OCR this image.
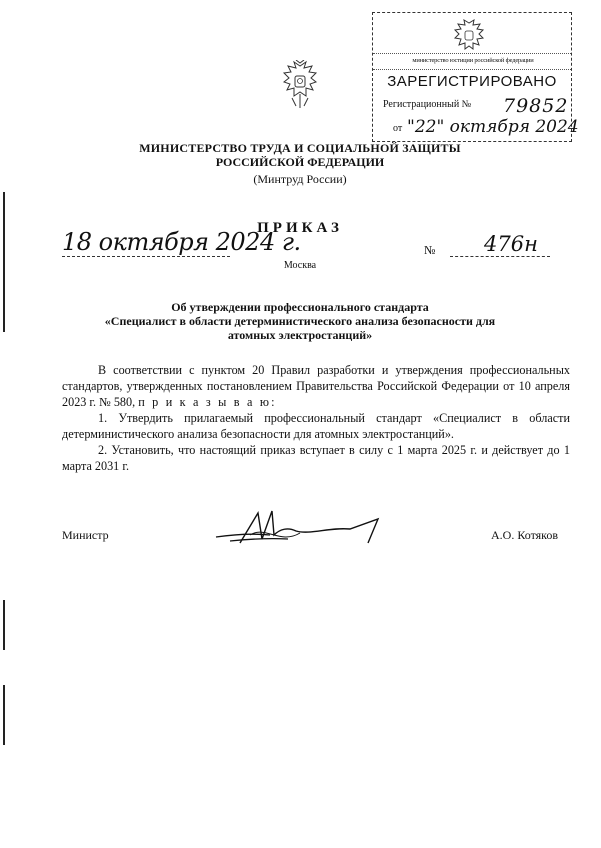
министерство юстиции российской федерации
ЗАРЕГИСТРИРОВАНО
Регистрационный № 79852
от "22" октября 2024
МИНИСТЕРСТВО ТРУДА И СОЦИАЛЬНОЙ ЗАЩИТЫ
РОССИЙСКОЙ ФЕДЕРАЦИИ
(Минтруд России)
ПРИКАЗ
18 октября 2024 г.	№ 476н
Москва
Об утверждении профессионального стандарта
«Специалист в области детерминистического анализа безопасности для
атомных электростанций»

В соответствии с пунктом 20 Правил разработки и утверждения профессиональных стандартов, утвержденных постановлением Правительства Российской Федерации от 10 апреля 2023 г. № 580, п р и к а з ы в а ю:

1. Утвердить прилагаемый профессиональный стандарт «Специалист в области детерминистического анализа безопасности для атомных электростанций».

2. Установить, что настоящий приказ вступает в силу с 1 марта 2025 г. и действует до 1 марта 2031 г.

Министр	А.О. Котяков
